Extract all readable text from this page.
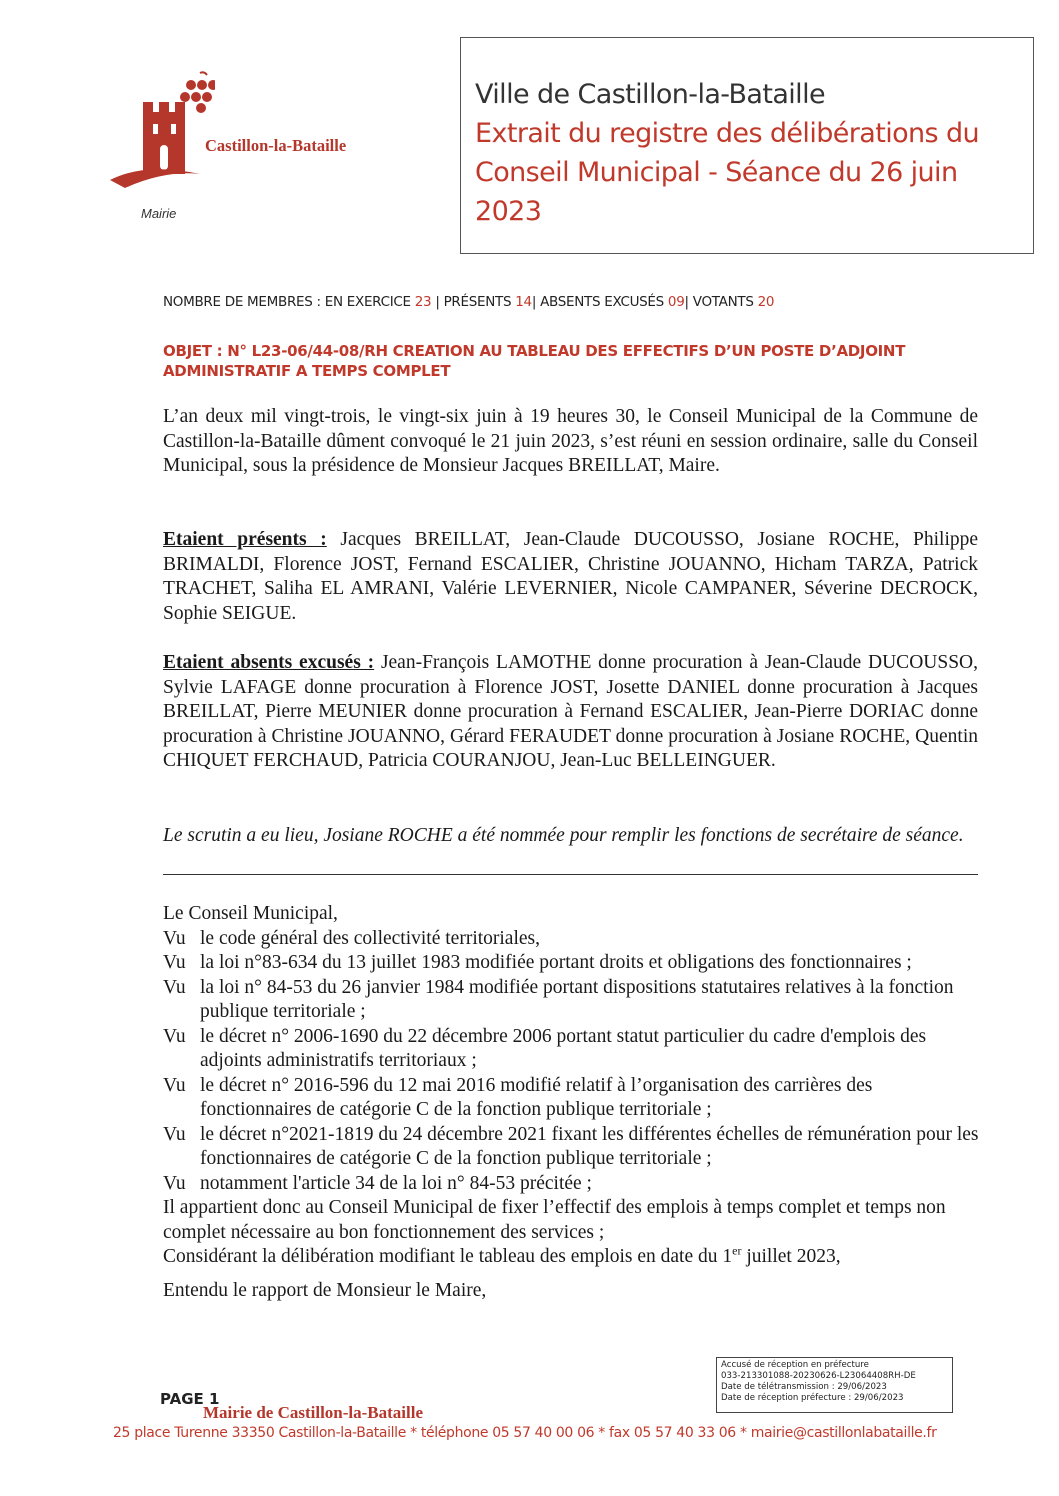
Castillon-la-Bataille
Mairie
Ville de Castillon-la-Bataille
Extrait du registre des délibérations du Conseil Municipal - Séance du 26 juin 2023
NOMBRE DE MEMBRES : EN EXERCICE 23 | PRÉSENTS 14| ABSENTS EXCUSÉS 09| VOTANTS 20
OBJET : N° L23-06/44-08/RH CREATION AU TABLEAU DES EFFECTIFS D’UN POSTE D’ADJOINT ADMINISTRATIF A TEMPS COMPLET
L’an deux mil vingt-trois, le vingt-six juin à 19 heures 30, le Conseil Municipal de la Commune de Castillon-la-Bataille dûment convoqué le 21 juin 2023, s’est réuni en session ordinaire, salle du Conseil Municipal, sous la présidence de Monsieur Jacques BREILLAT, Maire.
Etaient présents : Jacques BREILLAT, Jean-Claude DUCOUSSO, Josiane ROCHE, Philippe BRIMALDI, Florence JOST, Fernand ESCALIER, Christine JOUANNO, Hicham TARZA, Patrick TRACHET, Saliha EL AMRANI, Valérie LEVERNIER, Nicole CAMPANER, Séverine DECROCK, Sophie SEIGUE.
Etaient absents excusés : Jean-François LAMOTHE donne procuration à Jean-Claude DUCOUSSO, Sylvie LAFAGE donne procuration à Florence JOST, Josette DANIEL donne procuration à Jacques BREILLAT, Pierre MEUNIER donne procuration à Fernand ESCALIER, Jean-Pierre DORIAC donne procuration à Christine JOUANNO, Gérard FERAUDET donne procuration à Josiane ROCHE, Quentin CHIQUET FERCHAUD, Patricia COURANJOU, Jean-Luc BELLEINGUER.
Le scrutin a eu lieu, Josiane ROCHE a été nommée pour remplir les fonctions de secrétaire de séance.
Le Conseil Municipal,
Vu le code général des collectivité territoriales,
Vu la loi n°83-634 du 13 juillet 1983 modifiée portant droits et obligations des fonctionnaires ;
Vu la loi n° 84-53 du 26 janvier 1984 modifiée portant dispositions statutaires relatives à la fonction publique territoriale ;
Vu le décret n° 2006-1690 du 22 décembre 2006 portant statut particulier du cadre d'emplois des adjoints administratifs territoriaux ;
Vu le décret n° 2016-596 du 12 mai 2016 modifié relatif à l’organisation des carrières des fonctionnaires de catégorie C de la fonction publique territoriale ;
Vu le décret n°2021-1819 du 24 décembre 2021 fixant les différentes échelles de rémunération pour les fonctionnaires de catégorie C de la fonction publique territoriale ;
Vu notamment l'article 34 de la loi n° 84-53 précitée ;
Il appartient donc au Conseil Municipal de fixer l’effectif des emplois à temps complet et temps non complet nécessaire au bon fonctionnement des services ;
Considérant la délibération modifiant le tableau des emplois en date du 1er juillet 2023,
Entendu le rapport de Monsieur le Maire,
Accusé de réception en préfecture
033-213301088-20230626-L23064408RH-DE
Date de télétransmission : 29/06/2023
Date de réception préfecture : 29/06/2023
PAGE 1
Mairie de Castillon-la-Bataille
25 place Turenne 33350 Castillon-la-Bataille * téléphone 05 57 40 00 06 * fax 05 57 40 33 06 * mairie@castillonlabataille.fr
